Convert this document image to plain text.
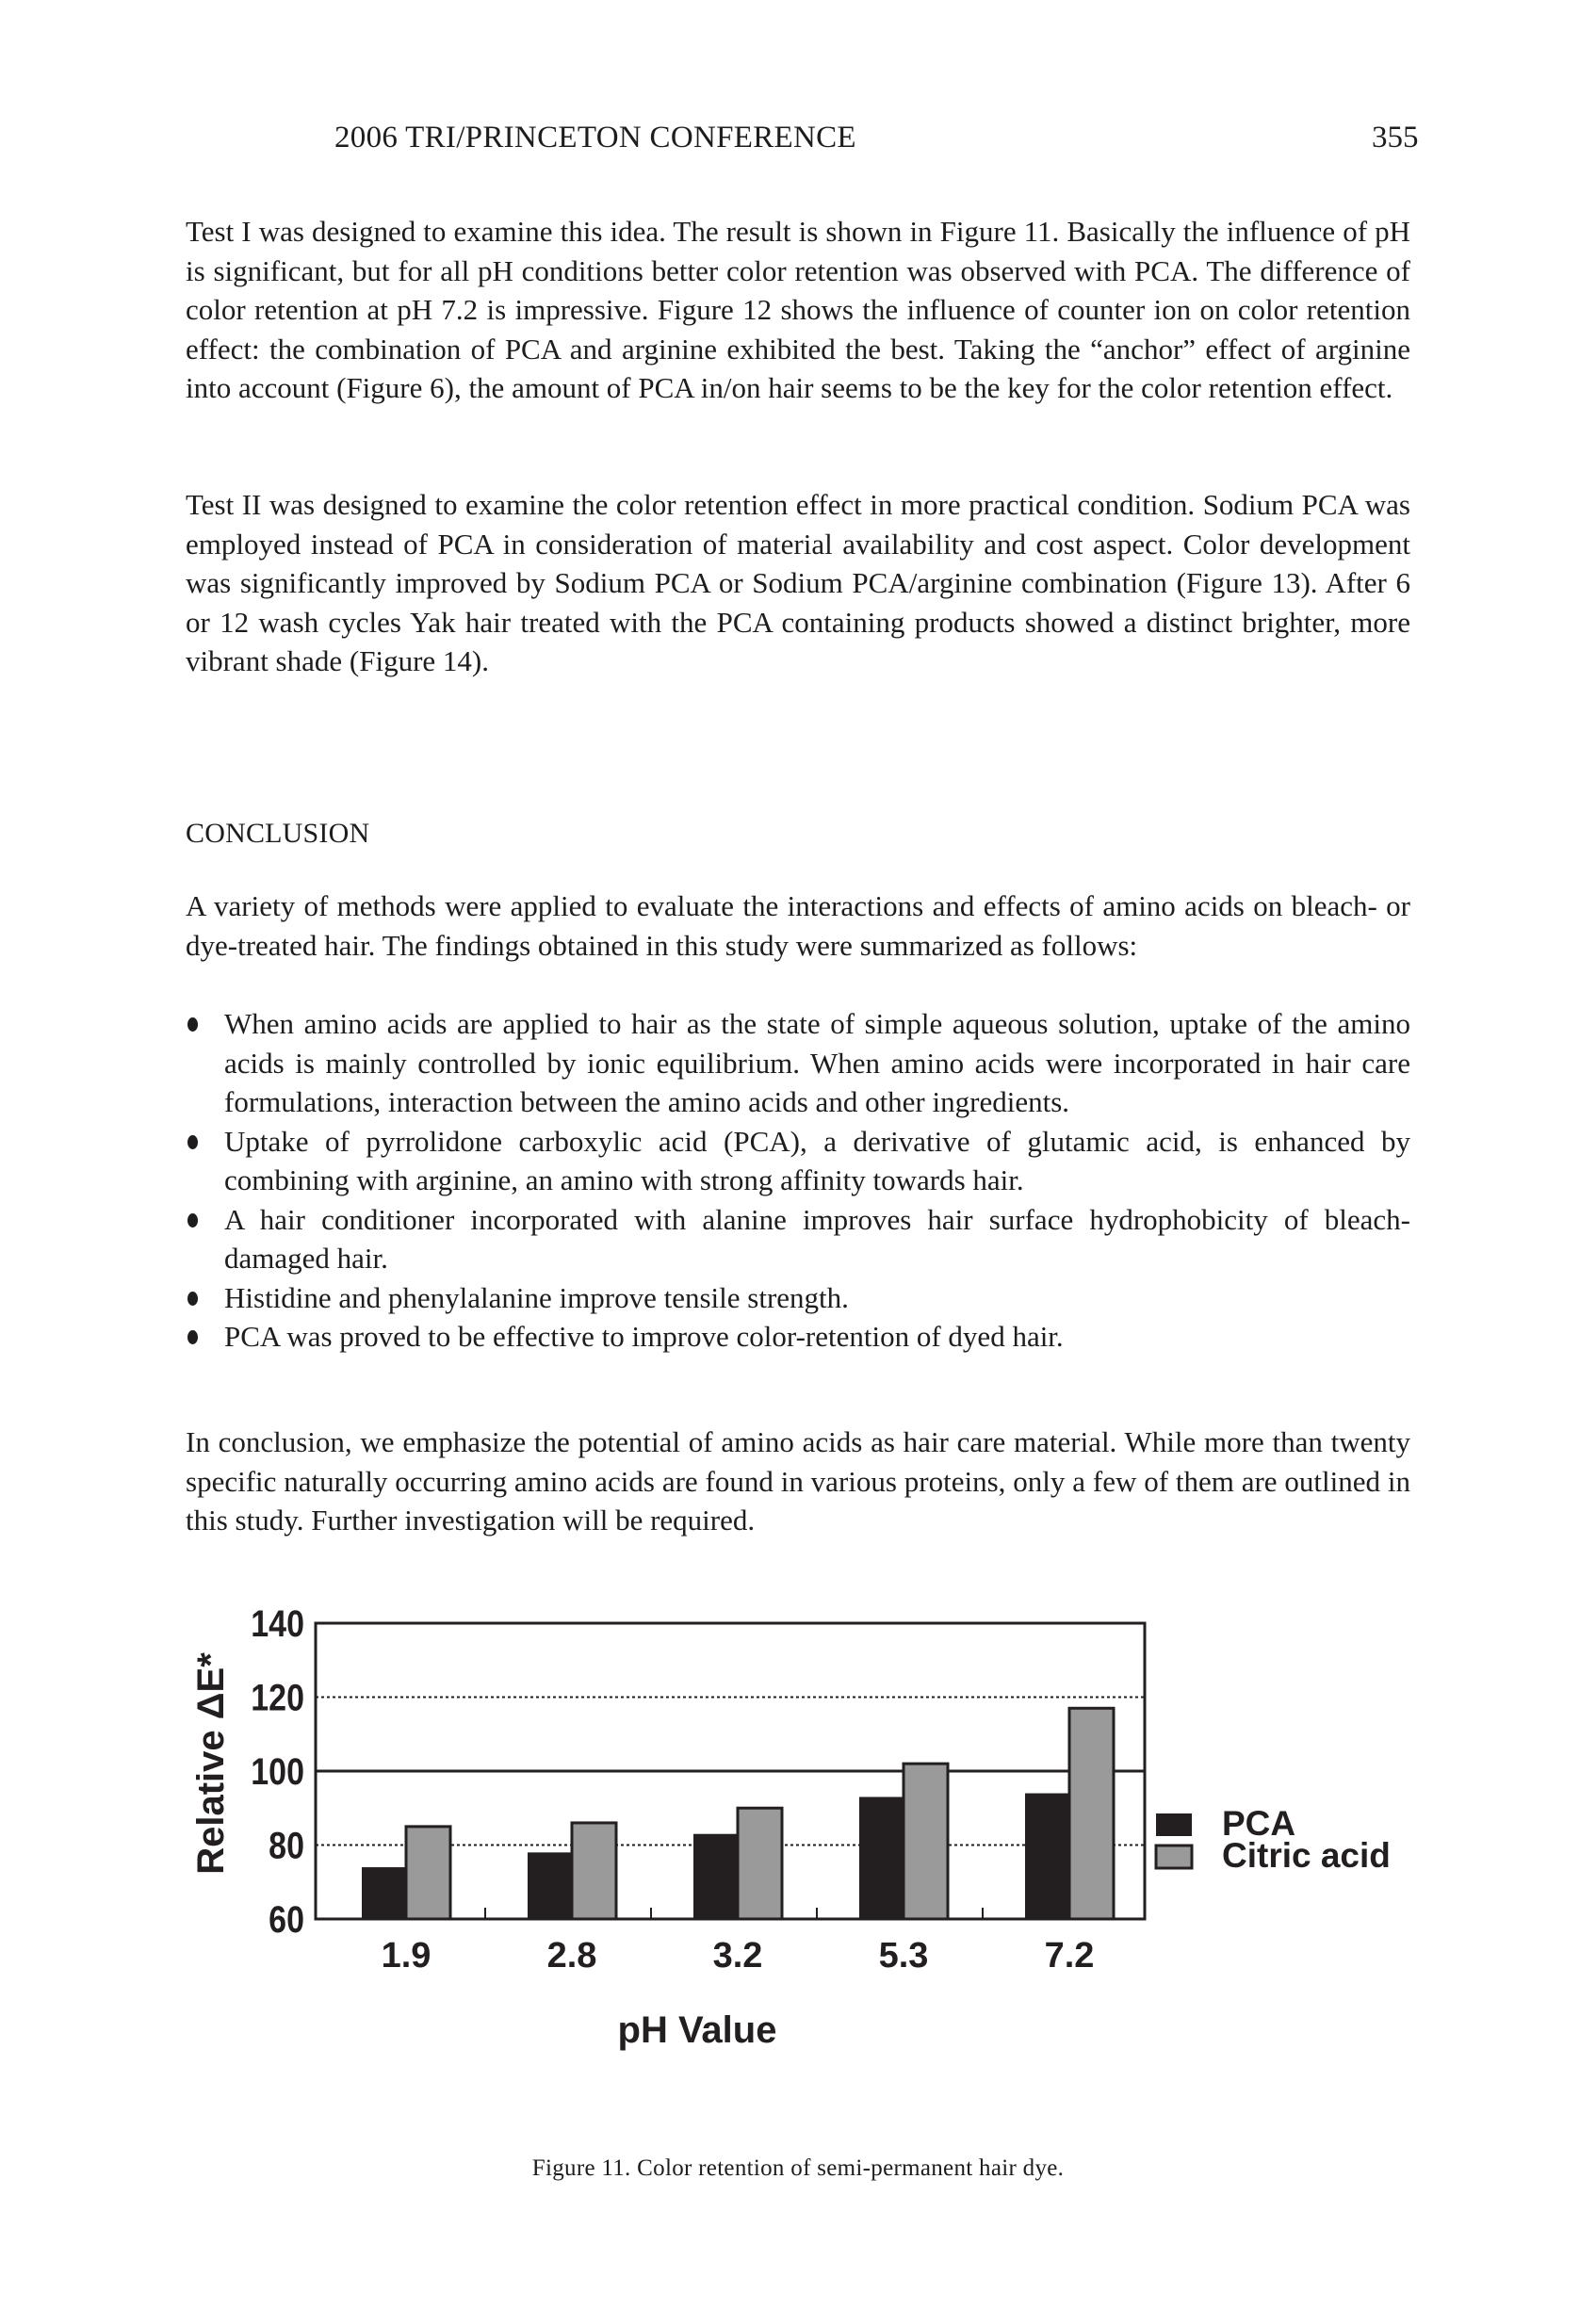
2006 TRI/PRINCETON CONFERENCE	355

Test I was designed to examine this idea. The result is shown in Figure 11. Basically the influence of pH is significant, but for all pH conditions better color retention was observed with PCA. The difference of color retention at pH 7.2 is impressive. Figure 12 shows the influence of counter ion on color retention effect: the combination of PCA and arginine exhibited the best. Taking the “anchor” effect of arginine into account (Figure 6), the amount of PCA in/on hair seems to be the key for the color retention effect.

Test II was designed to examine the color retention effect in more practical condition. Sodium PCA was employed instead of PCA in consideration of material availability and cost aspect. Color development was significantly improved by Sodium PCA or Sodium PCA/arginine combination (Figure 13). After 6 or 12 wash cycles Yak hair treated with the PCA containing products showed a distinct brighter, more vibrant shade (Figure 14).

CONCLUSION

A variety of methods were applied to evaluate the interactions and effects of amino acids on bleach- or dye-treated hair. The findings obtained in this study were summarized as follows:

When amino acids are applied to hair as the state of simple aqueous solution, uptake of the amino acids is mainly controlled by ionic equilibrium. When amino acids were incorporated in hair care formulations, interaction between the amino acids and other ingredients.
Uptake of pyrrolidone carboxylic acid (PCA), a derivative of glutamic acid, is enhanced by combining with arginine, an amino with strong affinity towards hair.
A hair conditioner incorporated with alanine improves hair surface hydrophobicity of bleach-damaged hair.
Histidine and phenylalanine improve tensile strength.
PCA was proved to be effective to improve color-retention of dyed hair.

In conclusion, we emphasize the potential of amino acids as hair care material. While more than twenty specific naturally occurring amino acids are found in various proteins, only a few of them are outlined in this study. Further investigation will be required.

60
80
100
120
140
Relative ΔE*
1.9	2.8	3.2	5.3	7.2
pH Value
PCA
Citric acid
Figure 11. Color retention of semi-permanent hair dye.
